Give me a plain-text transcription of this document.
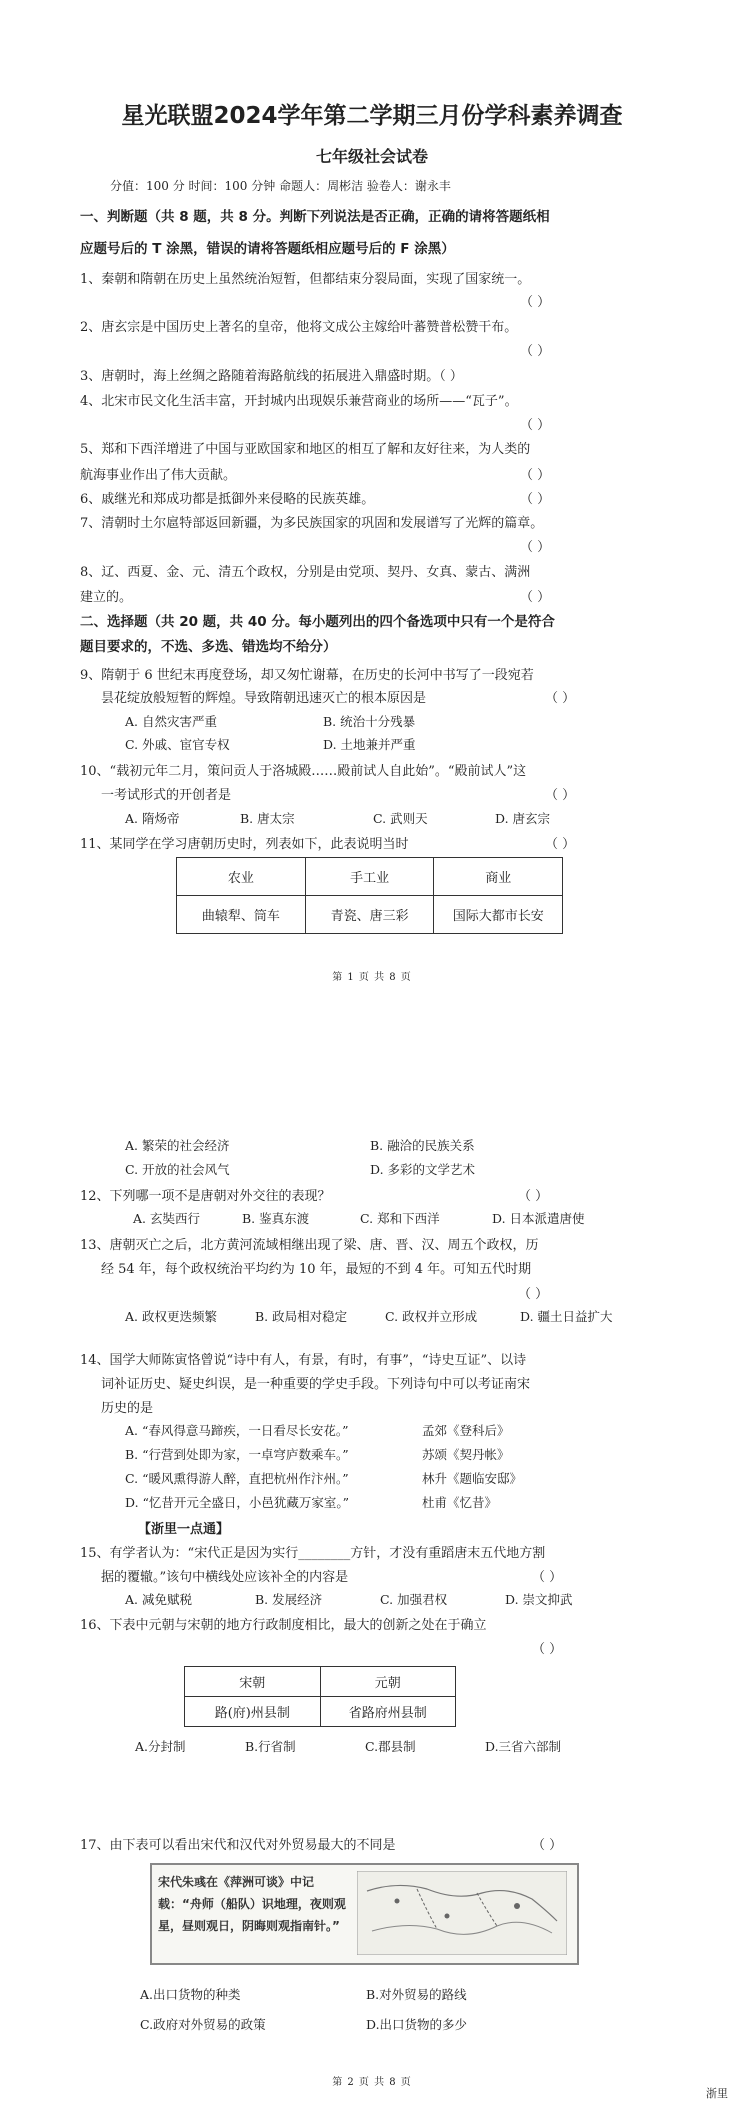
星光联盟2024学年第二学期三月份学科素养调查
七年级社会试卷
分值：100 分 时间：100 分钟 命题人：周彬洁 验卷人：谢永丰
一、判断题（共 8 题，共 8 分。判断下列说法是否正确，正确的请将答题纸相
应题号后的 T 涂黑，错误的请将答题纸相应题号后的 F 涂黑）
1、秦朝和隋朝在历史上虽然统治短暂，但都结束分裂局面，实现了国家统一。
（ ）
2、唐玄宗是中国历史上著名的皇帝，他将文成公主嫁给叶蕃赞普松赞干布。
（ ）
3、唐朝时，海上丝绸之路随着海路航线的拓展进入鼎盛时期。（ ）
4、北宋市民文化生活丰富，开封城内出现娱乐兼营商业的场所——“瓦子”。
（ ）
5、郑和下西洋增进了中国与亚欧国家和地区的相互了解和友好往来，为人类的
航海事业作出了伟大贡献。	（ ）
6、戚继光和郑成功都是抵御外来侵略的民族英雄。	（ ）
7、清朝时土尔扈特部返回新疆，为多民族国家的巩固和发展谱写了光辉的篇章。
（ ）
8、辽、西夏、金、元、清五个政权，分别是由党项、契丹、女真、蒙古、满洲
建立的。	（ ）
二、选择题（共 20 题，共 40 分。每小题列出的四个备选项中只有一个是符合
题目要求的，不选、多选、错选均不给分）
9、隋朝于 6 世纪末再度登场，却又匆忙谢幕，在历史的长河中书写了一段宛若
昙花绽放般短暂的辉煌。导致隋朝迅速灭亡的根本原因是	（ ）
A. 自然灾害严重	B. 统治十分残暴
C. 外戚、宦官专权	D. 土地兼并严重
10、“载初元年二月，策问贡人于洛城殿……殿前试人自此始”。“殿前试人”这
一考试形式的开创者是	（ ）
A. 隋炀帝	B. 唐太宗	C. 武则天	D. 唐玄宗
11、某同学在学习唐朝历史时，列表如下，此表说明当时	（ ）
农业	手工业	商业
曲辕犁、筒车	青瓷、唐三彩	国际大都市长安
第 1 页 共 8 页
A. 繁荣的社会经济	B. 融洽的民族关系
C. 开放的社会风气	D. 多彩的文学艺术
12、下列哪一项不是唐朝对外交往的表现？	（ ）
A. 玄奘西行	B. 鉴真东渡	C. 郑和下西洋	D. 日本派遣唐使
13、唐朝灭亡之后，北方黄河流域相继出现了梁、唐、晋、汉、周五个政权，历
经 54 年，每个政权统治平均约为 10 年，最短的不到 4 年。可知五代时期
（ ）
A. 政权更迭频繁	B. 政局相对稳定	C. 政权并立形成	D. 疆土日益扩大
14、国学大师陈寅恪曾说“诗中有人，有景，有时，有事”，“诗史互证”、以诗
词补证历史、疑史纠误，是一种重要的学史手段。下列诗句中可以考证南宋
历史的是
A. “春风得意马蹄疾，一日看尽长安花。”	孟郊《登科后》
B. “行营到处即为家，一卓穹庐数乘车。”	苏颂《契丹帐》
C. “暖风熏得游人醉，直把杭州作汴州。”	林升《题临安邸》
D. “忆昔开元全盛日，小邑犹藏万家室。”	杜甫《忆昔》
【浙里一点通】
15、有学者认为：“宋代正是因为实行________方针，才没有重蹈唐末五代地方割
据的覆辙。”该句中横线处应该补全的内容是	（ ）
A. 减免赋税	B. 发展经济	C. 加强君权	D. 崇文抑武
16、下表中元朝与宋朝的地方行政制度相比，最大的创新之处在于确立
（ ）
宋朝	元朝
路(府)州县制	省路府州县制
A.分封制	B.行省制	C.郡县制	D.三省六部制
17、由下表可以看出宋代和汉代对外贸易最大的不同是	（ ）
宋代朱彧在《萍洲可谈》中记载：“舟师（船队）识地理，夜则观星，昼则观日，阴晦则观指南针。”
A.出口货物的种类	B.对外贸易的路线
C.政府对外贸易的政策	D.出口货物的多少
第 2 页 共 8 页
浙里
